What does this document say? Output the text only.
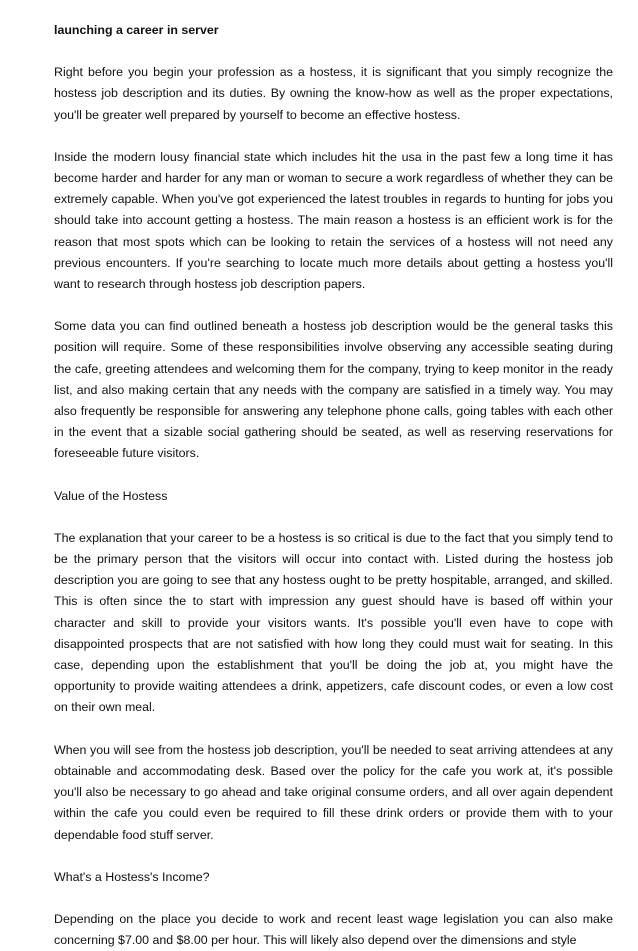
launching a career in server
Right before you begin your profession as a hostess, it is significant that you simply recognize the hostess job description and its duties. By owning the know-how as well as the proper expectations, you'll be greater well prepared by yourself to become an effective hostess.
Inside the modern lousy financial state which includes hit the usa in the past few a long time it has become harder and harder for any man or woman to secure a work regardless of whether they can be extremely capable. When you've got experienced the latest troubles in regards to hunting for jobs you should take into account getting a hostess. The main reason a hostess is an efficient work is for the reason that most spots which can be looking to retain the services of a hostess will not need any previous encounters. If you're searching to locate much more details about getting a hostess you'll want to research through hostess job description papers.
Some data you can find outlined beneath a hostess job description would be the general tasks this position will require. Some of these responsibilities involve observing any accessible seating during the cafe, greeting attendees and welcoming them for the company, trying to keep monitor in the ready list, and also making certain that any needs with the company are satisfied in a timely way. You may also frequently be responsible for answering any telephone phone calls, going tables with each other in the event that a sizable social gathering should be seated, as well as reserving reservations for foreseeable future visitors.
Value of the Hostess
The explanation that your career to be a hostess is so critical is due to the fact that you simply tend to be the primary person that the visitors will occur into contact with. Listed during the hostess job description you are going to see that any hostess ought to be pretty hospitable, arranged, and skilled. This is often since the to start with impression any guest should have is based off within your character and skill to provide your visitors wants. It's possible you'll even have to cope with disappointed prospects that are not satisfied with how long they could must wait for seating. In this case, depending upon the establishment that you'll be doing the job at, you might have the opportunity to provide waiting attendees a drink, appetizers, cafe discount codes, or even a low cost on their own meal.
When you will see from the hostess job description, you'll be needed to seat arriving attendees at any obtainable and accommodating desk. Based over the policy for the cafe you work at, it's possible you'll also be necessary to go ahead and take original consume orders, and all over again dependent within the cafe you could even be required to fill these drink orders or provide them with to your dependable food stuff server.
What's a Hostess's Income?
Depending on the place you decide to work and recent least wage legislation you can also make concerning $7.00 and $8.00 per hour. This will likely also depend over the dimensions and style
